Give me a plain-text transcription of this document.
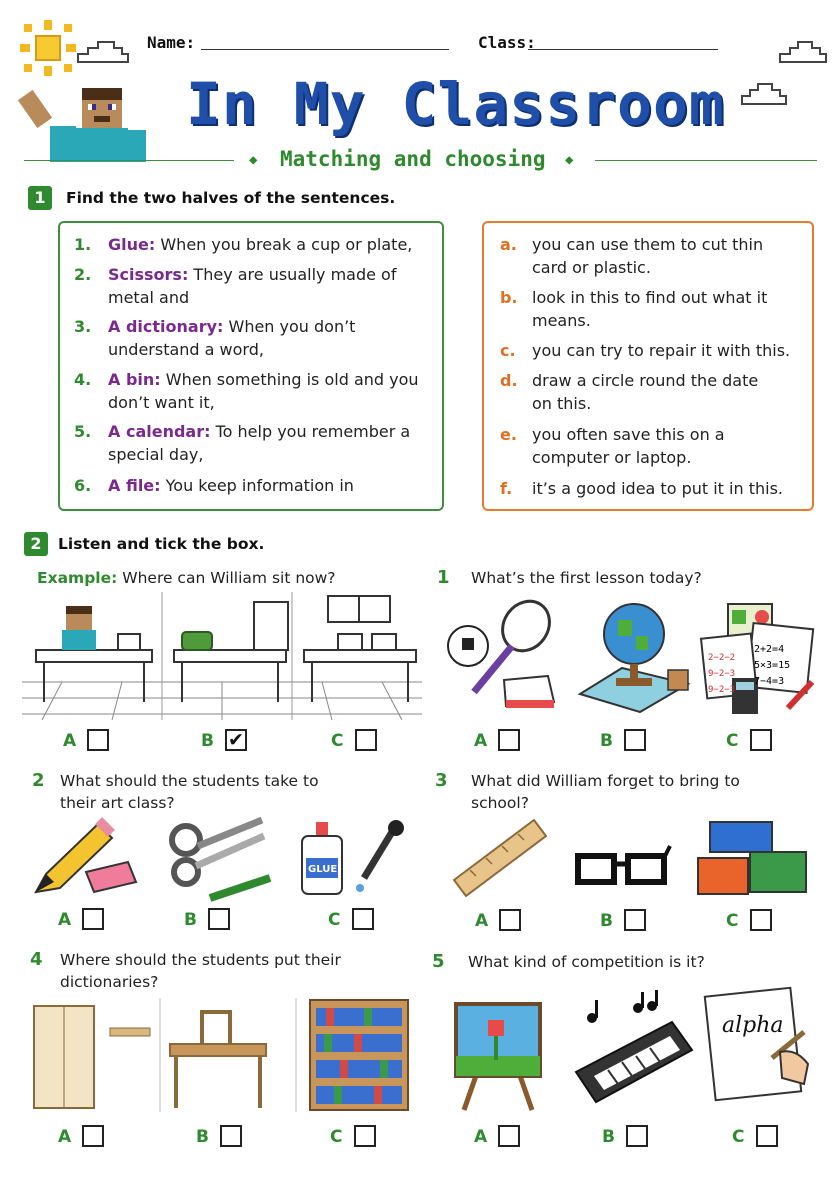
Name:	Class:
In My Classroom
◆ Matching and choosing ◆
1	Find the two halves of the sentences.
1.	Glue: When you break a cup or plate,
2.	Scissors: They are usually made of
metal and
3.	A dictionary: When you don’t
understand a word,
4.	A bin: When something is old and you
don’t want it,
5.	A calendar: To help you remember a
special day,
6.	A file: You keep information in
a. you can use them to cut thin
card or plastic.
b. look in this to find out what it
means.
c.	you can try to repair it with this.
d. draw a circle round the date
on this.
e. you often save this on a
computer or laptop.
f.	it’s a good idea to put it in this.
2	Listen and tick the box.
Example: Where can William sit now?
A	B ✔	C
1 What’s the first lesson today?
2+2=4
5×3=15
7−4=3
2−2−2
9−2−3
9−2−3
A	B	C
2 What should the students take to
their art class?
GLUE
A	B	C
3 What did William forget to bring to
school?
A	B	C
4 Where should the students put their
dictionaries?
A	B	C
5 What kind of competition is it?
alpha
A	B	C
